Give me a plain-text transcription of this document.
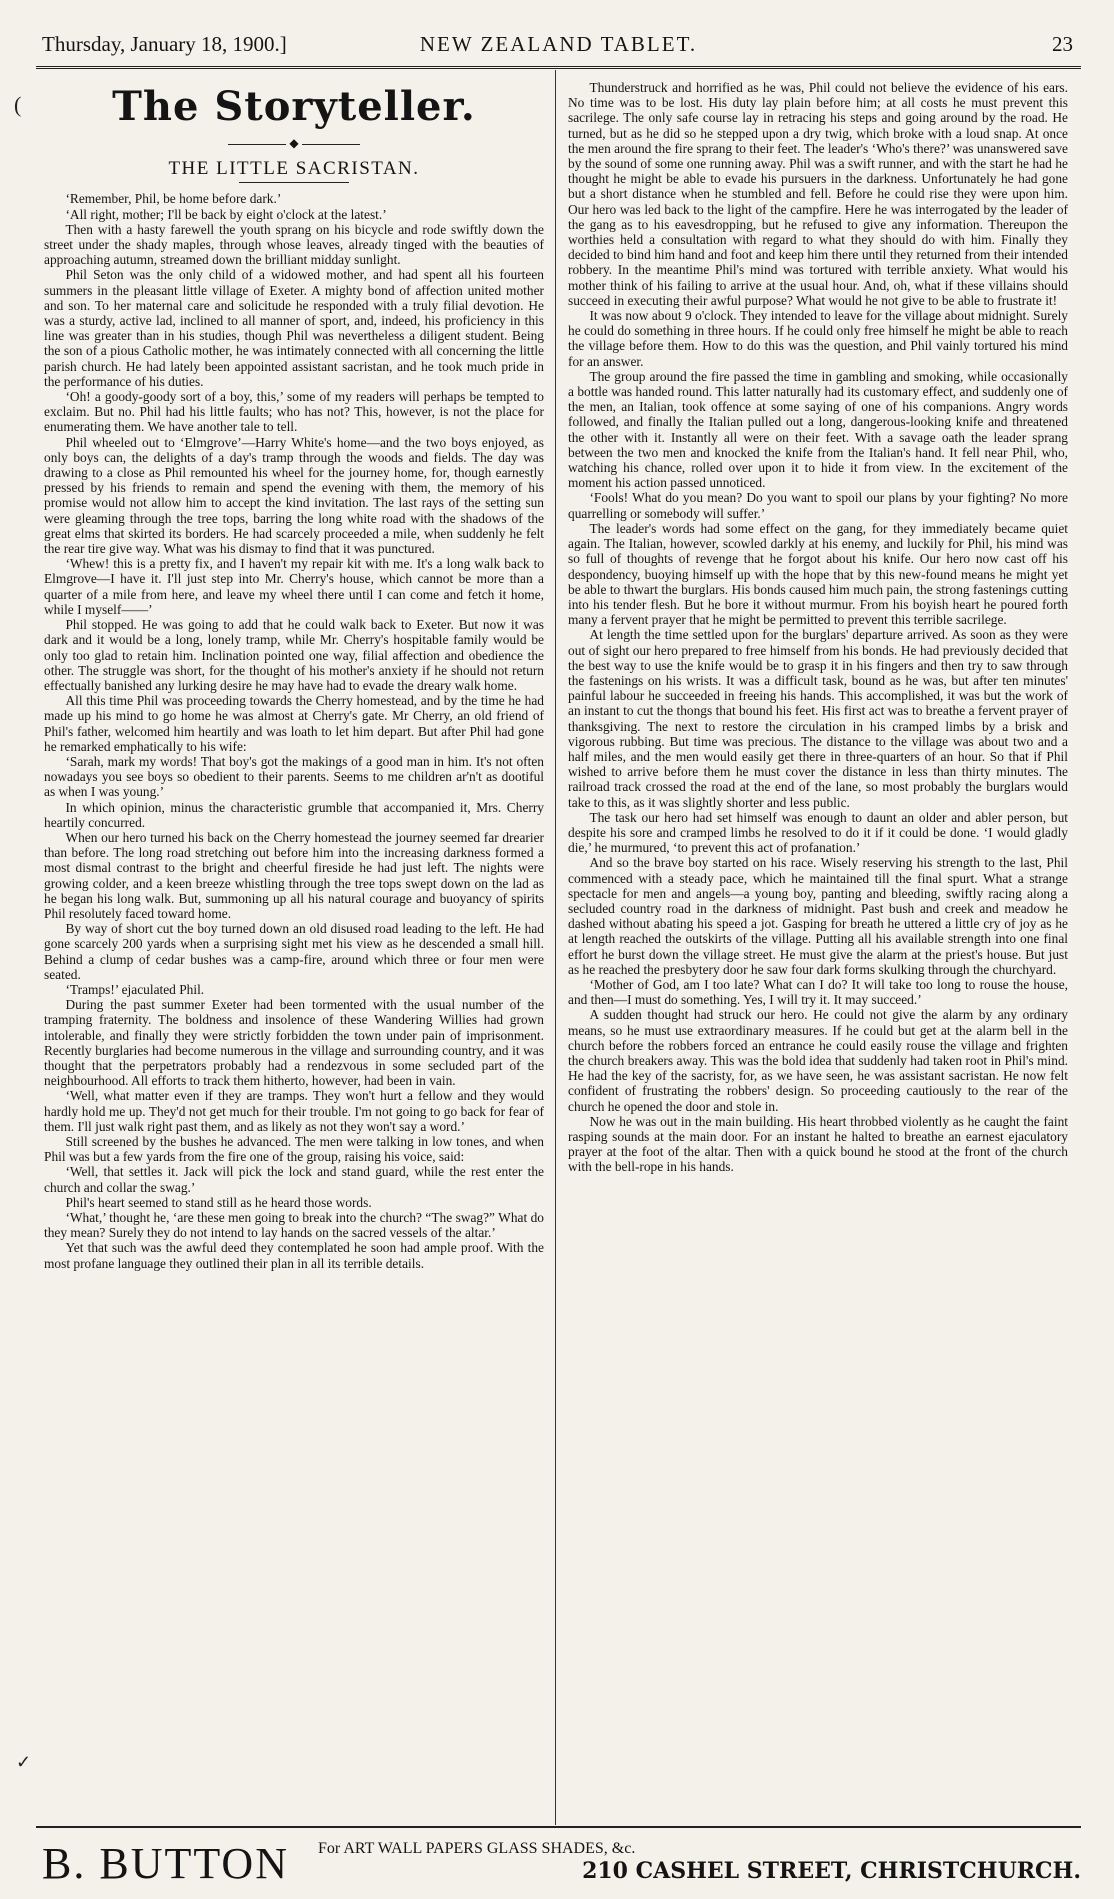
Thursday, January 18, 1900.]	NEW ZEALAND TABLET.	23
(
✓
The Storyteller.
◆
THE LITTLE SACRISTAN.

‘Remember, Phil, be home before dark.’

‘All right, mother; I'll be back by eight o'clock at the latest.’

Then with a hasty farewell the youth sprang on his bicycle and rode swiftly down the street under the shady maples, through whose leaves, already tinged with the beauties of approaching autumn, streamed down the brilliant midday sunlight.

Phil Seton was the only child of a widowed mother, and had spent all his fourteen summers in the pleasant little village of Exeter. A mighty bond of affection united mother and son. To her maternal care and solicitude he responded with a truly filial devotion. He was a sturdy, active lad, inclined to all manner of sport, and, indeed, his proficiency in this line was greater than in his studies, though Phil was nevertheless a diligent student. Being the son of a pious Catholic mother, he was intimately connected with all concerning the little parish church. He had lately been appointed assistant sacristan, and he took much pride in the performance of his duties.

‘Oh! a goody-goody sort of a boy, this,’ some of my readers will perhaps be tempted to exclaim. But no. Phil had his little faults; who has not? This, however, is not the place for enumerating them. We have another tale to tell.

Phil wheeled out to ‘Elmgrove’—Harry White's home—and the two boys enjoyed, as only boys can, the delights of a day's tramp through the woods and fields. The day was drawing to a close as Phil remounted his wheel for the journey home, for, though earnestly pressed by his friends to remain and spend the evening with them, the memory of his promise would not allow him to accept the kind invitation. The last rays of the setting sun were gleaming through the tree tops, barring the long white road with the shadows of the great elms that skirted its borders. He had scarcely proceeded a mile, when suddenly he felt the rear tire give way. What was his dismay to find that it was punctured.

‘Whew! this is a pretty fix, and I haven't my repair kit with me. It's a long walk back to Elmgrove—I have it. I'll just step into Mr. Cherry's house, which cannot be more than a quarter of a mile from here, and leave my wheel there until I can come and fetch it home, while I myself——’

Phil stopped. He was going to add that he could walk back to Exeter. But now it was dark and it would be a long, lonely tramp, while Mr. Cherry's hospitable family would be only too glad to retain him. Inclination pointed one way, filial affection and obedience the other. The struggle was short, for the thought of his mother's anxiety if he should not return effectually banished any lurking desire he may have had to evade the dreary walk home.

All this time Phil was proceeding towards the Cherry homestead, and by the time he had made up his mind to go home he was almost at Cherry's gate. Mr Cherry, an old friend of Phil's father, welcomed him heartily and was loath to let him depart. But after Phil had gone he remarked emphatically to his wife:

‘Sarah, mark my words! That boy's got the makings of a good man in him. It's not often nowadays you see boys so obedient to their parents. Seems to me children ar'n't as dootiful as when I was young.’

In which opinion, minus the characteristic grumble that accompanied it, Mrs. Cherry heartily concurred.

When our hero turned his back on the Cherry homestead the journey seemed far drearier than before. The long road stretching out before him into the increasing darkness formed a most dismal contrast to the bright and cheerful fireside he had just left. The nights were growing colder, and a keen breeze whistling through the tree tops swept down on the lad as he began his long walk. But, summoning up all his natural courage and buoyancy of spirits Phil resolutely faced toward home.

By way of short cut the boy turned down an old disused road leading to the left. He had gone scarcely 200 yards when a surprising sight met his view as he descended a small hill. Behind a clump of cedar bushes was a camp-fire, around which three or four men were seated.

‘Tramps!’ ejaculated Phil.

During the past summer Exeter had been tormented with the usual number of the tramping fraternity. The boldness and insolence of these Wandering Willies had grown intolerable, and finally they were strictly forbidden the town under pain of imprisonment. Recently burglaries had become numerous in the village and surrounding country, and it was thought that the perpetrators probably had a rendezvous in some secluded part of the neighbourhood. All efforts to track them hitherto, however, had been in vain.

‘Well, what matter even if they are tramps. They won't hurt a fellow and they would hardly hold me up. They'd not get much for their trouble. I'm not going to go back for fear of them. I'll just walk right past them, and as likely as not they won't say a word.’

Still screened by the bushes he advanced. The men were talking in low tones, and when Phil was but a few yards from the fire one of the group, raising his voice, said:

‘Well, that settles it. Jack will pick the lock and stand guard, while the rest enter the church and collar the swag.’

Phil's heart seemed to stand still as he heard those words.

‘What,’ thought he, ‘are these men going to break into the church? “The swag?” What do they mean? Surely they do not intend to lay hands on the sacred vessels of the altar.’

Yet that such was the awful deed they contemplated he soon had ample proof. With the most profane language they outlined their plan in all its terrible details.

Thunderstruck and horrified as he was, Phil could not believe the evidence of his ears. No time was to be lost. His duty lay plain before him; at all costs he must prevent this sacrilege. The only safe course lay in retracing his steps and going around by the road. He turned, but as he did so he stepped upon a dry twig, which broke with a loud snap. At once the men around the fire sprang to their feet. The leader's ‘Who's there?’ was unanswered save by the sound of some one running away. Phil was a swift runner, and with the start he had he thought he might be able to evade his pursuers in the darkness. Unfortunately he had gone but a short distance when he stumbled and fell. Before he could rise they were upon him. Our hero was led back to the light of the campfire. Here he was interrogated by the leader of the gang as to his eavesdropping, but he refused to give any information. Thereupon the worthies held a consultation with regard to what they should do with him. Finally they decided to bind him hand and foot and keep him there until they returned from their intended robbery. In the meantime Phil's mind was tortured with terrible anxiety. What would his mother think of his failing to arrive at the usual hour. And, oh, what if these villains should succeed in executing their awful purpose? What would he not give to be able to frustrate it!

It was now about 9 o'clock. They intended to leave for the village about midnight. Surely he could do something in three hours. If he could only free himself he might be able to reach the village before them. How to do this was the question, and Phil vainly tortured his mind for an answer.

The group around the fire passed the time in gambling and smoking, while occasionally a bottle was handed round. This latter naturally had its customary effect, and suddenly one of the men, an Italian, took offence at some saying of one of his companions. Angry words followed, and finally the Italian pulled out a long, dangerous-looking knife and threatened the other with it. Instantly all were on their feet. With a savage oath the leader sprang between the two men and knocked the knife from the Italian's hand. It fell near Phil, who, watching his chance, rolled over upon it to hide it from view. In the excitement of the moment his action passed unnoticed.

‘Fools! What do you mean? Do you want to spoil our plans by your fighting? No more quarrelling or somebody will suffer.’

The leader's words had some effect on the gang, for they immediately became quiet again. The Italian, however, scowled darkly at his enemy, and luckily for Phil, his mind was so full of thoughts of revenge that he forgot about his knife. Our hero now cast off his despondency, buoying himself up with the hope that by this new-found means he might yet be able to thwart the burglars. His bonds caused him much pain, the strong fastenings cutting into his tender flesh. But he bore it without murmur. From his boyish heart he poured forth many a fervent prayer that he might be permitted to prevent this terrible sacrilege.

At length the time settled upon for the burglars' departure arrived. As soon as they were out of sight our hero prepared to free himself from his bonds. He had previously decided that the best way to use the knife would be to grasp it in his fingers and then try to saw through the fastenings on his wrists. It was a difficult task, bound as he was, but after ten minutes' painful labour he succeeded in freeing his hands. This accomplished, it was but the work of an instant to cut the thongs that bound his feet. His first act was to breathe a fervent prayer of thanksgiving. The next to restore the circulation in his cramped limbs by a brisk and vigorous rubbing. But time was precious. The distance to the village was about two and a half miles, and the men would easily get there in three-quarters of an hour. So that if Phil wished to arrive before them he must cover the distance in less than thirty minutes. The railroad track crossed the road at the end of the lane, so most probably the burglars would take to this, as it was slightly shorter and less public.

The task our hero had set himself was enough to daunt an older and abler person, but despite his sore and cramped limbs he resolved to do it if it could be done. ‘I would gladly die,’ he murmured, ‘to prevent this act of profanation.’

And so the brave boy started on his race. Wisely reserving his strength to the last, Phil commenced with a steady pace, which he maintained till the final spurt. What a strange spectacle for men and angels—a young boy, panting and bleeding, swiftly racing along a secluded country road in the darkness of midnight. Past bush and creek and meadow he dashed without abating his speed a jot. Gasping for breath he uttered a little cry of joy as he at length reached the outskirts of the village. Putting all his available strength into one final effort he burst down the village street. He must give the alarm at the priest's house. But just as he reached the presbytery door he saw four dark forms skulking through the churchyard.

‘Mother of God, am I too late? What can I do? It will take too long to rouse the house, and then—I must do something. Yes, I will try it. It may succeed.’

A sudden thought had struck our hero. He could not give the alarm by any ordinary means, so he must use extraordinary measures. If he could but get at the alarm bell in the church before the robbers forced an entrance he could easily rouse the village and frighten the church breakers away. This was the bold idea that suddenly had taken root in Phil's mind. He had the key of the sacristy, for, as we have seen, he was assistant sacristan. He now felt confident of frustrating the robbers' design. So proceeding cautiously to the rear of the church he opened the door and stole in.

Now he was out in the main building. His heart throbbed violently as he caught the faint rasping sounds at the main door. For an instant he halted to breathe an earnest ejaculatory prayer at the foot of the altar. Then with a quick bound he stood at the front of the church with the bell-rope in his hands.

B. BUTTON For ART WALL PAPERS GLASS SHADES, &c.
210 CASHEL STREET, CHRISTCHURCH.
